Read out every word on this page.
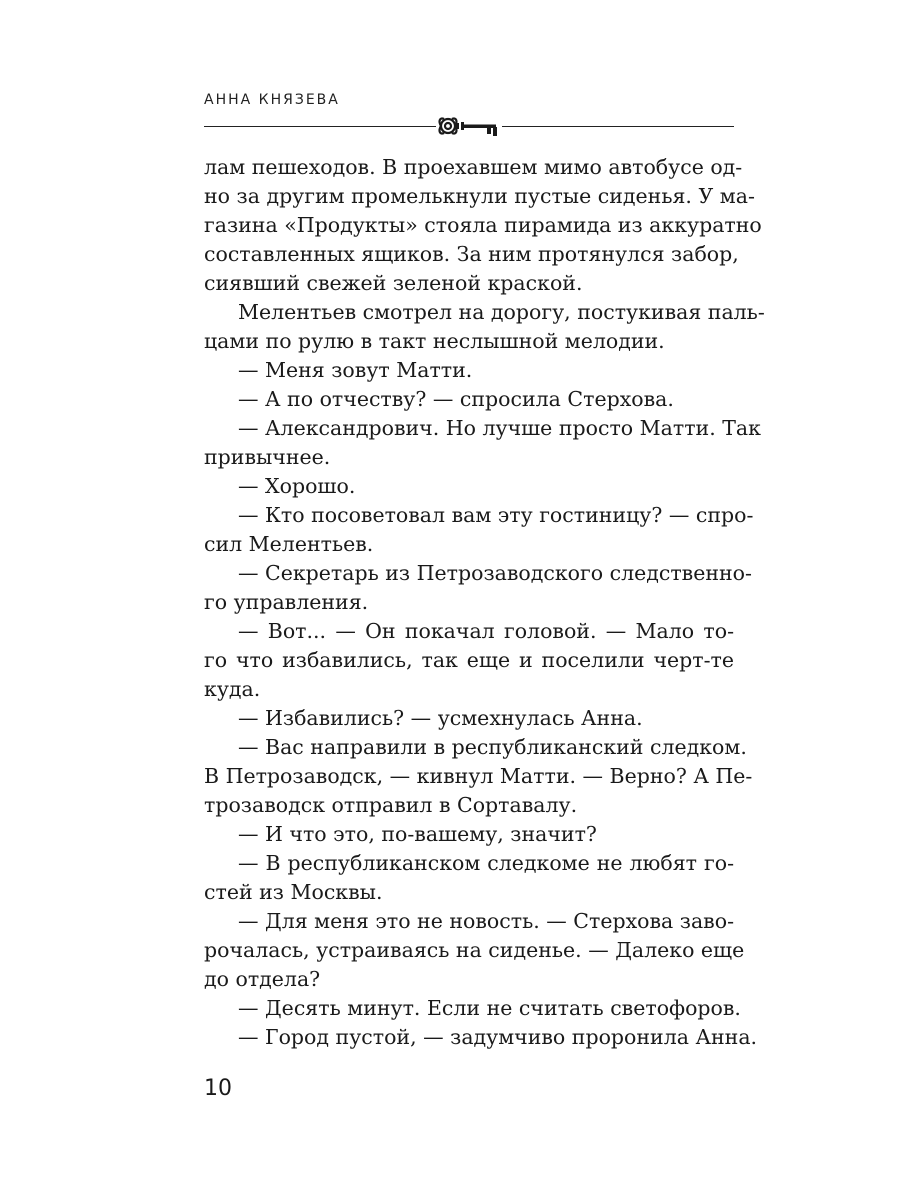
АННА КНЯЗЕВА
лам пешеходов. В проехавшем мимо автобусе од-
но за другим промелькнули пустые сиденья. У ма-
газина «Продукты» стояла пирамида из аккуратно
составленных ящиков. За ним протянулся забор,
сиявший свежей зеленой краской.
Мелентьев смотрел на дорогу, постукивая паль-
цами по рулю в такт неслышной мелодии.
— Меня зовут Матти.
— А по отчеству? — спросила Стерхова.
— Александрович. Но лучше просто Матти. Так
привычнее.
— Хорошо.
— Кто посоветовал вам эту гостиницу? — спро-
сил Мелентьев.
— Секретарь из Петрозаводского следственно-
го управления.
— Вот... — Он покачал головой. — Мало то-
го что избавились, так еще и поселили черт-те
куда.
— Избавились? — усмехнулась Анна.
— Вас направили в республиканский следком.
В Петрозаводск, — кивнул Матти. — Верно? А Пе-
трозаводск отправил в Сортавалу.
— И что это, по-вашему, значит?
— В республиканском следкоме не любят го-
стей из Москвы.
— Для меня это не новость. — Стерхова заво-
рочалась, устраиваясь на сиденье. — Далеко еще
до отдела?
— Десять минут. Если не считать светофоров.
— Город пустой, — задумчиво проронила Анна.
10
